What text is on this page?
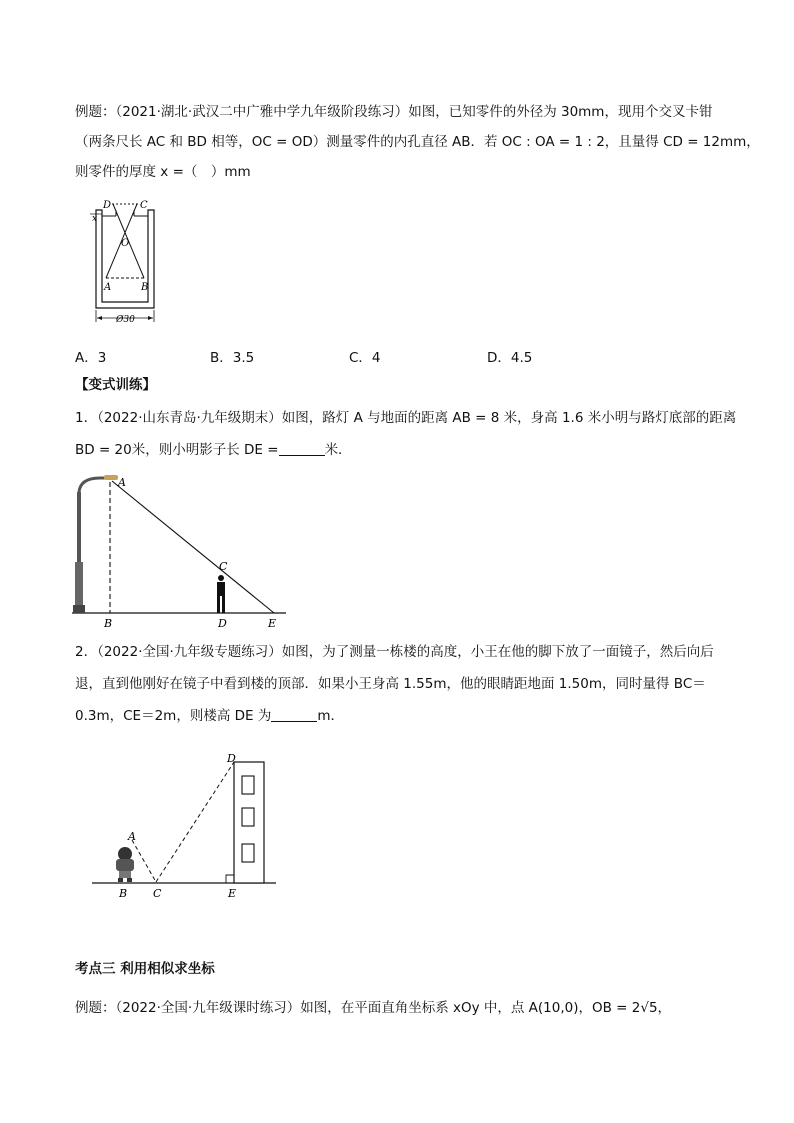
例题：（2021·湖北·武汉二中广雅中学九年级阶段练习）如图，已知零件的外径为 30mm，现用个交叉卡钳
（两条尺长 AC 和 BD 相等，OC = OD）测量零件的内孔直径 AB．若 OC : OA = 1 : 2，且量得 CD = 12mm，
则零件的厚度 x =（　）mm
D	C
x
O
A	B
Ø30
A．3	B．3.5	C．4	D．4.5
【变式训练】
1．（2022·山东青岛·九年级期末）如图，路灯 A 与地面的距离 AB = 8 米，身高 1.6 米小明与路灯底部的距离
BD = 20米，则小明影子长 DE =	米．
A
B
C
D	E
2．（2022·全国·九年级专题练习）如图，为了测量一栋楼的高度，小王在他的脚下放了一面镜子，然后向后
退，直到他刚好在镜子中看到楼的顶部．如果小王身高 1.55m，他的眼睛距地面 1.50m，同时量得 BC＝
0.3m，CE＝2m，则楼高 DE 为	m．
A
B C
D
E
考点三 利用相似求坐标
例题：（2022·全国·九年级课时练习）如图，在平面直角坐标系 xOy 中，点 A(10,0)，OB = 2√5，
